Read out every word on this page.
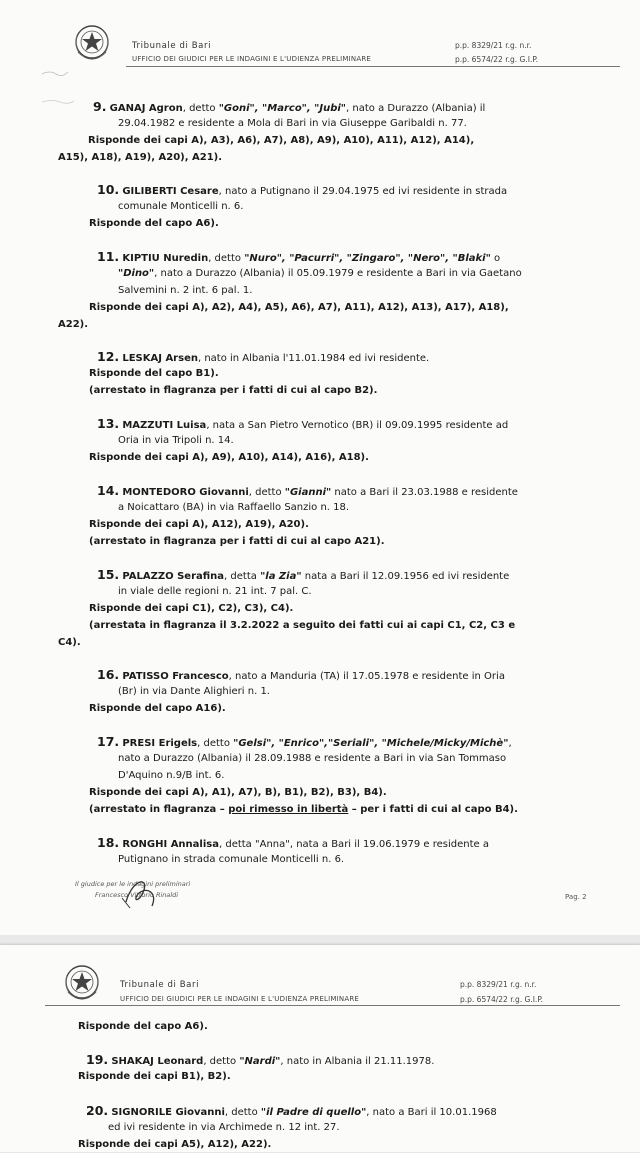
Tribunale di Bari
UFFICIO DEI GIUDICI PER LE INDAGINI E L'UDIENZA PRELIMINARE
p.p. 8329/21 r.g. n.r.
p.p. 6574/22 r.g. G.I.P.
9. GANAJ Agron, detto "Goni", "Marco", "Jubi", nato a Durazzo (Albania) il
29.04.1982 e residente a Mola di Bari in via Giuseppe Garibaldi n. 77.
Risponde dei capi A), A3), A6), A7), A8), A9), A10), A11), A12), A14),
A15), A18), A19), A20), A21).
10. GILIBERTI Cesare, nato a Putignano il 29.04.1975 ed ivi residente in strada
comunale Monticelli n. 6.
Risponde del capo A6).
11. KIPTIU Nuredin, detto "Nuro", "Pacurri", "Zingaro", "Nero", "Blaki" o
"Dino", nato a Durazzo (Albania) il 05.09.1979 e residente a Bari in via Gaetano
Salvemini n. 2 int. 6 pal. 1.
Risponde dei capi A), A2), A4), A5), A6), A7), A11), A12), A13), A17), A18),
A22).
12. LESKAJ Arsen, nato in Albania l'11.01.1984 ed ivi residente.
Risponde del capo B1).
(arrestato in flagranza per i fatti di cui al capo B2).
13. MAZZUTI Luisa, nata a San Pietro Vernotico (BR) il 09.09.1995 residente ad
Oria in via Tripoli n. 14.
Risponde dei capi A), A9), A10), A14), A16), A18).
14. MONTEDORO Giovanni, detto "Gianni" nato a Bari il 23.03.1988 e residente
a Noicattaro (BA) in via Raffaello Sanzio n. 18.
Risponde dei capi A), A12), A19), A20).
(arrestato in flagranza per i fatti di cui al capo A21).
15. PALAZZO Serafina, detta "la Zia" nata a Bari il 12.09.1956 ed ivi residente
in viale delle regioni n. 21 int. 7 pal. C.
Risponde dei capi C1), C2), C3), C4).
(arrestata in flagranza il 3.2.2022 a seguito dei fatti cui ai capi C1, C2, C3 e
C4).
16. PATISSO Francesco, nato a Manduria (TA) il 17.05.1978 e residente in Oria
(Br) in via Dante Alighieri n. 1.
Risponde del capo A16).
17. PRESI Erigels, detto "Gelsi", "Enrico","Seriali", "Michele/Micky/Michè",
nato a Durazzo (Albania) il 28.09.1988 e residente a Bari in via San Tommaso
D'Aquino n.9/B int. 6.
Risponde dei capi A), A1), A7), B), B1), B2), B3), B4).
(arrestato in flagranza – poi rimesso in libertà – per i fatti di cui al capo B4).
18. RONGHI Annalisa, detta "Anna", nata a Bari il 19.06.1979 e residente a
Putignano in strada comunale Monticelli n. 6.
Il giudice per le indagini preliminari
Francesco Vittorio Rinaldi	Pag. 2
Tribunale di Bari
UFFICIO DEI GIUDICI PER LE INDAGINI E L'UDIENZA PRELIMINARE
p.p. 8329/21 r.g. n.r.
p.p. 6574/22 r.g. G.I.P.
Risponde del capo A6).
19. SHAKAJ Leonard, detto "Nardi", nato in Albania il 21.11.1978.
Risponde dei capi B1), B2).
20. SIGNORILE Giovanni, detto "il Padre di quello", nato a Bari il 10.01.1968
ed ivi residente in via Archimede n. 12 int. 27.
Risponde dei capi A5), A12), A22).
